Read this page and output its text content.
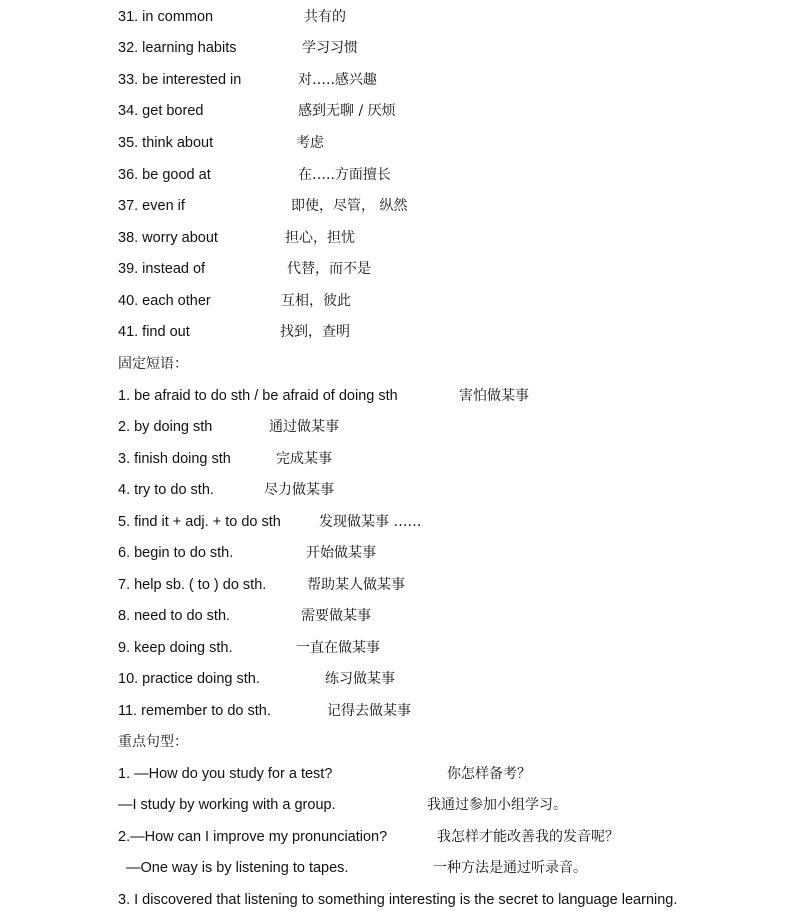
31. in common	共有的
32. learning habits	学习习惯
33. be interested in	对…..感兴趣
34. get bored	感到无聊 / 厌烦
35. think about	考虑
36. be good at	在…..方面擅长
37. even if	即使，尽管， 纵然
38. worry about	担心，担忧
39. instead of	代替，而不是
40. each other	互相，彼此
41. find out	找到，查明
固定短语：
1. be afraid to do sth / be afraid of doing sth	害怕做某事
2. by doing sth	通过做某事
3. finish doing sth	完成某事
4. try to do sth.	尽力做某事
5. find it + adj. + to do sth	发现做某事 ……
6. begin to do sth.	开始做某事
7. help sb. ( to ) do sth.	帮助某人做某事
8. need to do sth.	需要做某事
9. keep doing sth.	一直在做某事
10. practice doing sth.	练习做某事
11. remember to do sth.	记得去做某事
重点句型：
1. —How do you study for a test?	你怎样备考？
—I study by working with a group.	我通过参加小组学习。
2.—How can I improve my pronunciation?	我怎样才能改善我的发音呢？
—One way is by listening to tapes.	一种方法是通过听录音。
3. I discovered that listening to something interesting is the secret to language learning.
